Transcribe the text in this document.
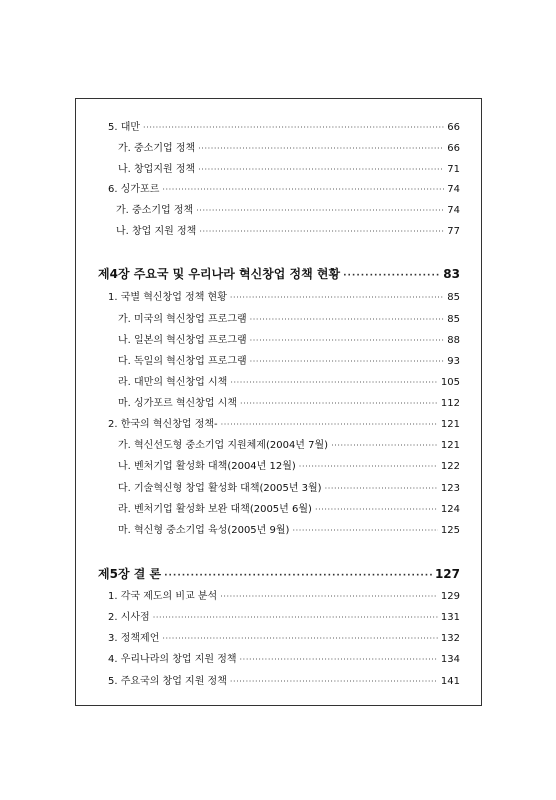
5. 대만 ·····	66
가. 중소기업 정책 ·····	66
나. 창업지원 정책 ·····	71
6. 싱가포르 ·····	74
가. 중소기업 정책 ·····	74
나. 창업 지원 정책 ·····	77
제4장 주요국 및 우리나라 혁신창업 정책 현황 ·····	83
1. 국별 혁신창업 정책 현황 ·····	85
가. 미국의 혁신창업 프로그램 ·····	85
나. 일본의 혁신창업 프로그램 ·····	88
다. 독일의 혁신창업 프로그램 ·····	93
라. 대만의 혁신창업 시책 ·····	105
마. 싱가포르 혁신창업 시책 ·····	112
2. 한국의 혁신창업 정책- ·····	121
가. 혁신선도형 중소기업 지원체제(2004년 7월) ·····	121
나. 벤처기업 활성화 대책(2004년 12월) ·····	122
다. 기술혁신형 창업 활성화 대책(2005년 3월) ·····	123
라. 벤처기업 활성화 보완 대책(2005년 6월) ·····	124
마. 혁신형 중소기업 육성(2005년 9월) ·····	125
제5장 결 론 ·····	127
1. 각국 제도의 비교 분석 ·····	129
2. 시사점 ·····	131
3. 정책제언 ·····	132
4. 우리나라의 창업 지원 정책 ·····	134
5. 주요국의 창업 지원 정책 ·····	141
